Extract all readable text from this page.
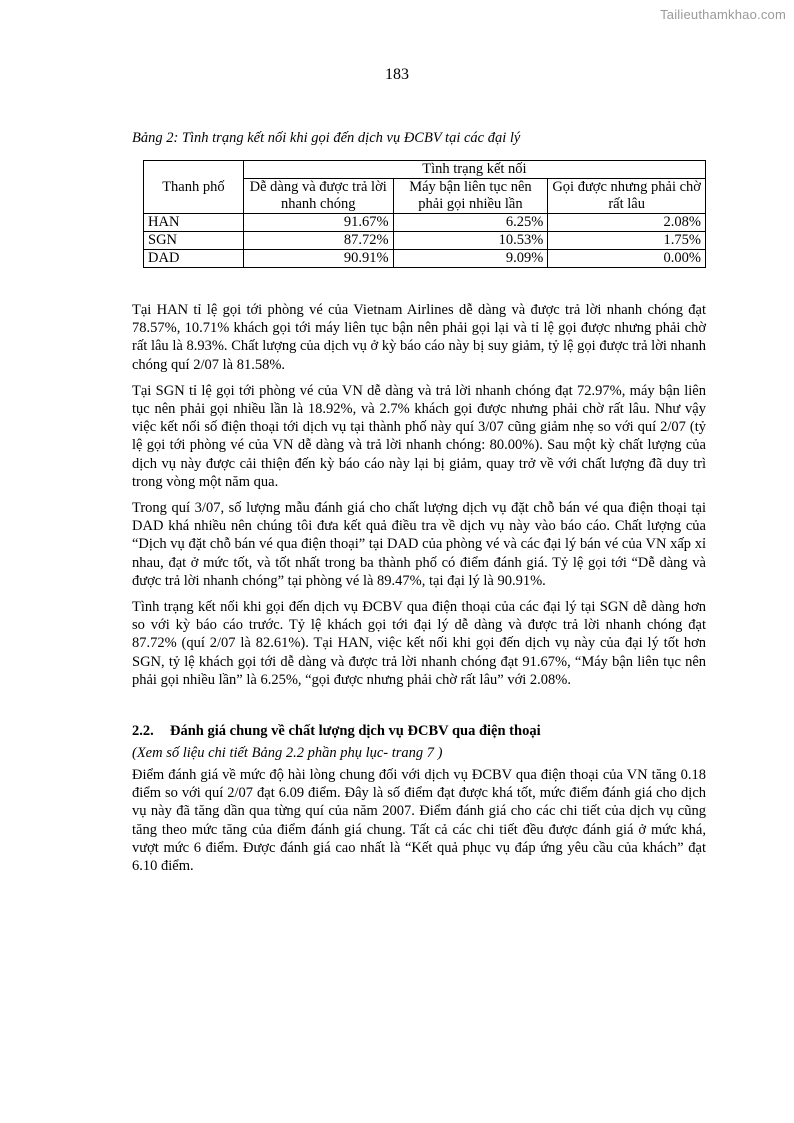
Tailieuthamkhao.com
183
Bảng 2: Tình trạng kết nối khi gọi đến dịch vụ ĐCBV tại các đại lý
Thanh phố	Tình trạng kết nối		
	Dễ dàng và được trả lời nhanh chóng	Máy bận liên tục nên phải gọi nhiều lần	Gọi được nhưng phải chờ rất lâu
HAN	91.67%	6.25%	2.08%
SGN	87.72%	10.53%	1.75%
DAD	90.91%	9.09%	0.00%

Tại HAN tỉ lệ gọi tới phòng vé của Vietnam Airlines dễ dàng và được trả lời nhanh chóng đạt 78.57%, 10.71% khách gọi tới máy liên tục bận nên phải gọi lại và tỉ lệ gọi được nhưng phải chờ rất lâu là 8.93%. Chất lượng của dịch vụ ở kỳ báo cáo này bị suy giảm, tỷ lệ gọi được trả lời nhanh chóng quí 2/07 là 81.58%.

Tại SGN tỉ lệ gọi tới phòng vé của VN dễ dàng và trả lời nhanh chóng đạt 72.97%, máy bận liên tục nên phải gọi nhiều lần là 18.92%, và 2.7% khách gọi được nhưng phải chờ rất lâu. Như vậy việc kết nối số điện thoại tới dịch vụ tại thành phố này quí 3/07 cũng giảm nhẹ so với quí 2/07 (tỷ lệ gọi tới phòng vé của VN dễ dàng và trả lời nhanh chóng: 80.00%). Sau một kỳ chất lượng của dịch vụ này được cải thiện đến kỳ báo cáo này lại bị giảm, quay trở về với chất lượng đã duy trì trong vòng một năm qua.

Trong quí 3/07, số lượng mẫu đánh giá cho chất lượng dịch vụ đặt chỗ bán vé qua điện thoại tại DAD khá nhiều nên chúng tôi đưa kết quả điều tra về dịch vụ này vào báo cáo. Chất lượng của “Dịch vụ đặt chỗ bán vé qua điện thoại” tại DAD của phòng vé và các đại lý bán vé của VN xấp xỉ nhau, đạt ở mức tốt, và tốt nhất trong ba thành phố có điểm đánh giá. Tỷ lệ gọi tới “Dễ dàng và được trả lời nhanh chóng” tại phòng vé là 89.47%, tại đại lý là 90.91%.

Tình trạng kết nối khi gọi đến dịch vụ ĐCBV qua điện thoại của các đại lý tại SGN dễ dàng hơn so với kỳ báo cáo trước. Tỷ lệ khách gọi tới đại lý dễ dàng và được trả lời nhanh chóng đạt 87.72% (quí 2/07 là 82.61%). Tại HAN, việc kết nối khi gọi đến dịch vụ này của đại lý tốt hơn SGN, tỷ lệ khách gọi tới dễ dàng và được trả lời nhanh chóng đạt 91.67%, “Máy bận liên tục nên phải gọi nhiều lần” là 6.25%, “gọi được nhưng phải chờ rất lâu” với 2.08%.

2.2. Đánh giá chung về chất lượng dịch vụ ĐCBV qua điện thoại
(Xem số liệu chi tiết Bảng 2.2 phần phụ lục- trang 7 )

Điểm đánh giá về mức độ hài lòng chung đối với dịch vụ ĐCBV qua điện thoại của VN tăng 0.18 điểm so với quí 2/07 đạt 6.09 điểm. Đây là số điểm đạt được khá tốt, mức điểm đánh giá cho dịch vụ này đã tăng dần qua từng quí của năm 2007. Điểm đánh giá cho các chi tiết của dịch vụ cũng tăng theo mức tăng của điểm đánh giá chung. Tất cả các chi tiết đều được đánh giá ở mức khá, vượt mức 6 điểm. Được đánh giá cao nhất là “Kết quả phục vụ đáp ứng yêu cầu của khách” đạt 6.10 điểm.
